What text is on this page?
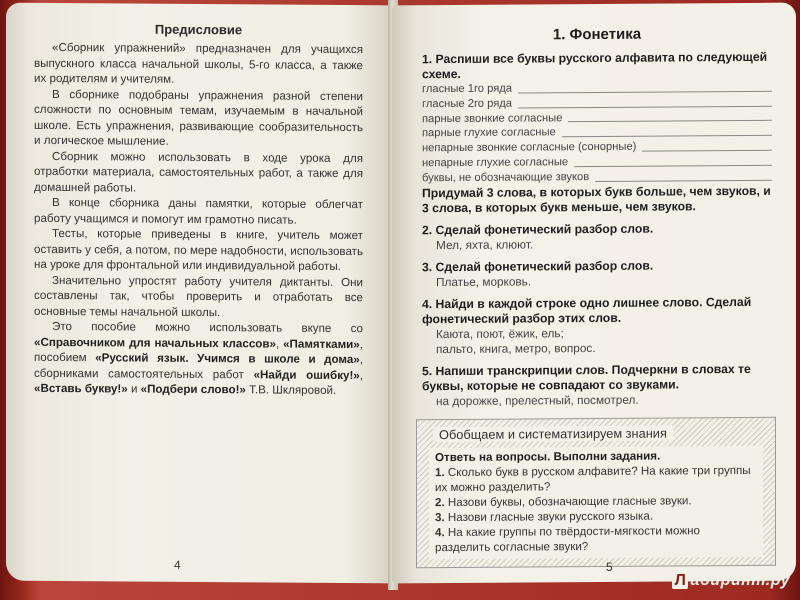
Предисловие

«Сборник упражнений» предназначен для учащихся выпускного класса начальной школы, 5-го класса, а также их родителям и учителям.

В сборнике подобраны упражнения разной степени сложности по основным темам, изучаемым в начальной школе. Есть упражнения, развивающие сообразительность и логическое мышление.

Сборник можно использовать в ходе урока для отработки материала, самостоятельных работ, а также для домашней работы.

В конце сборника даны памятки, которые облегчат работу учащимся и помогут им грамотно писать.

Тесты, которые приведены в книге, учитель может оставить у себя, а потом, по мере надобности, использовать на уроке для фронтальной или индивидуальной работы.

Значительно упростят работу учителя диктанты. Они составлены так, чтобы проверить и отработать все основные темы начальной школы.

Это пособие можно использовать вкупе со «Справочником для начальных классов», «Памятками», пособием «Русский язык. Учимся в школе и дома», сборниками самостоятельных работ «Найди ошибку!», «Вставь букву!» и «Подбери слово!» Т.В. Шкляровой.

4
1. Фонетика

1. Распиши все буквы русского алфавита по следующей схеме.

гласные 1го ряда
гласные 2го ряда
парные звонкие согласные
парные глухие согласные
непарные звонкие согласные (сонорные)
непарные глухие согласные
буквы, не обозначающие звуков

Придумай 3 слова, в которых букв больше, чем звуков, и 3 слова, в которых букв меньше, чем звуков.

2. Сделай фонетический разбор слов.

Мел, яхта, клюют.

3. Сделай фонетический разбор слов.

Платье, морковь.

4. Найди в каждой строке одно лишнее слово. Сделай фонетический разбор этих слов.

Каюта, поют, ёжик, ель;

пальто, книга, метро, вопрос.

5. Напиши транскрипции слов. Подчеркни в словах те буквы, которые не совпадают со звуками.

на дорожке, прелестный, посмотрел.

Обобщаем и систематизируем знания

Ответь на вопросы. Выполни задания.

1. Сколько букв в русском алфавите? На какие три группы их можно разделить?

2. Назови буквы, обозначающие гласные звуки.

3. Назови гласные звуки русского языка.

4. На какие группы по твёрдости-мягкости можно разделить согласные звуки?

5
Л абиринт.ру
